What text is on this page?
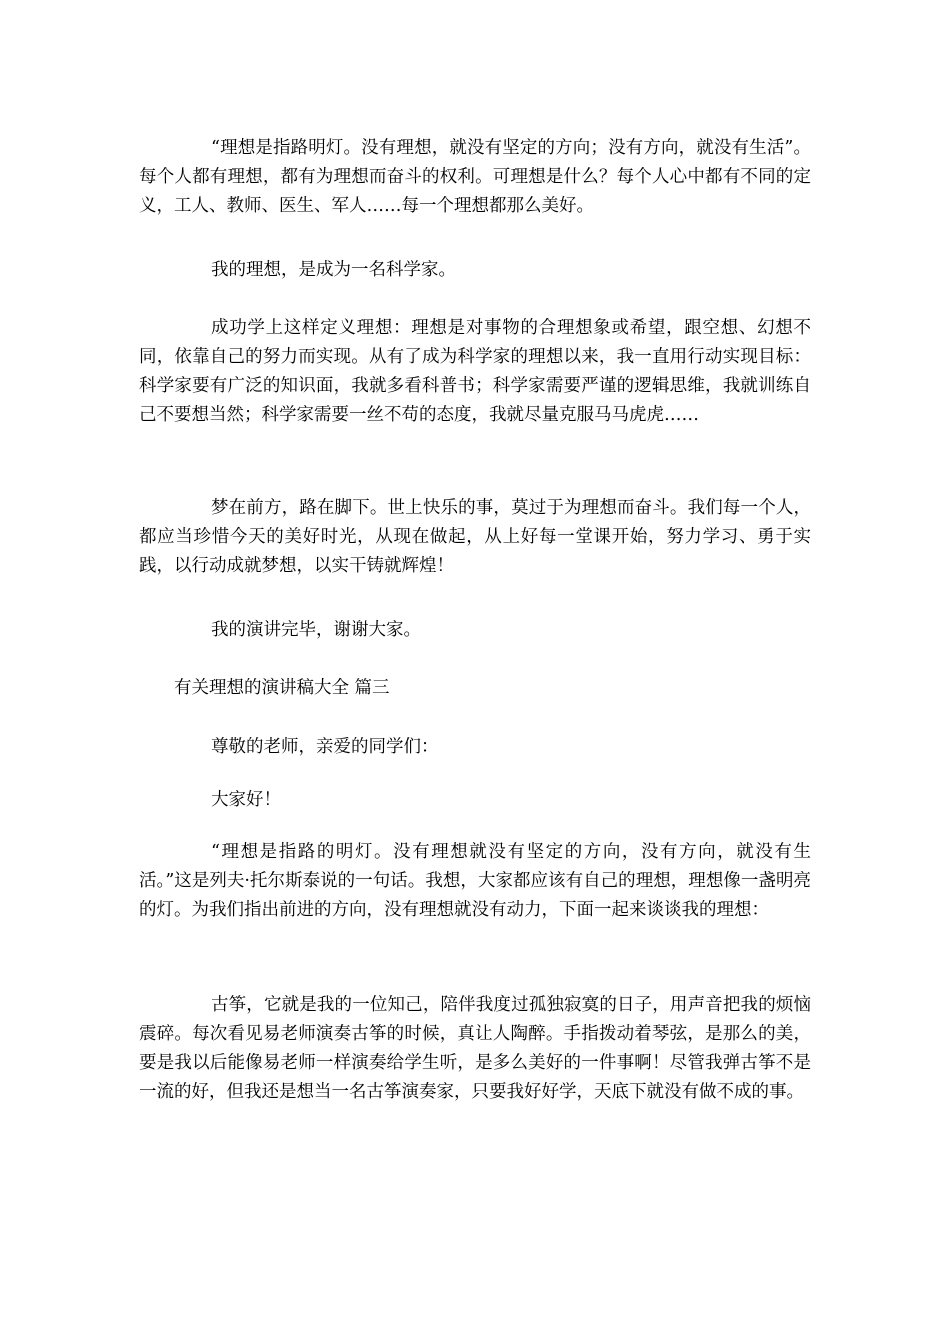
“理想是指路明灯。没有理想，就没有坚定的方向；没有方向，就没有生活”。每个人都有理想，都有为理想而奋斗的权利。可理想是什么？每个人心中都有不同的定义，工人、教师、医生、军人……每一个理想都那么美好。

我的理想，是成为一名科学家。

成功学上这样定义理想：理想是对事物的合理想象或希望，跟空想、幻想不同，依靠自己的努力而实现。从有了成为科学家的理想以来，我一直用行动实现目标：科学家要有广泛的知识面，我就多看科普书；科学家需要严谨的逻辑思维，我就训练自己不要想当然；科学家需要一丝不苟的态度，我就尽量克服马马虎虎……

梦在前方，路在脚下。世上快乐的事，莫过于为理想而奋斗。我们每一个人，都应当珍惜今天的美好时光，从现在做起，从上好每一堂课开始，努力学习、勇于实践，以行动成就梦想，以实干铸就辉煌！

我的演讲完毕，谢谢大家。

有关理想的演讲稿大全 篇三

尊敬的老师，亲爱的同学们：

大家好！

“理想是指路的明灯。没有理想就没有坚定的方向，没有方向，就没有生活。”这是列夫·托尔斯泰说的一句话。我想，大家都应该有自己的理想，理想像一盏明亮的灯。为我们指出前进的方向，没有理想就没有动力，下面一起来谈谈我的理想：

古筝，它就是我的一位知己，陪伴我度过孤独寂寞的日子，用声音把我的烦恼震碎。每次看见易老师演奏古筝的时候，真让人陶醉。手指拨动着琴弦，是那么的美，要是我以后能像易老师一样演奏给学生听，是多么美好的一件事啊！尽管我弹古筝不是一流的好，但我还是想当一名古筝演奏家，只要我好好学，天底下就没有做不成的事。
